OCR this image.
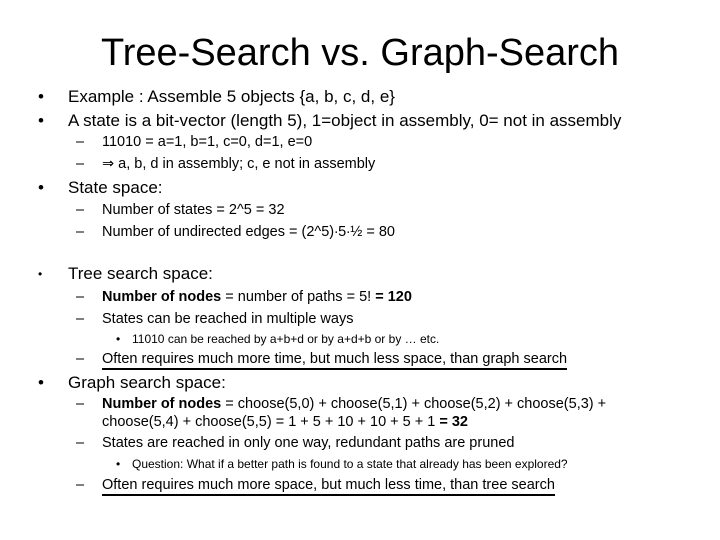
Tree-Search vs. Graph-Search
• Example : Assemble 5 objects {a, b, c, d, e}
• A state is a bit-vector (length 5), 1=object in assembly, 0= not in assembly
– 11010 = a=1, b=1, c=0, d=1, e=0
– ⇒ a, b, d in assembly; c, e not in assembly
• State space:
– Number of states = 2^5 = 32
– Number of undirected edges = (2^5)∙5∙½ = 80
• Tree search space:
– Number of nodes = number of paths = 5! = 120
– States can be reached in multiple ways
• 11010 can be reached by a+b+d or by a+d+b or by … etc.
– Often requires much more time, but much less space, than graph search
• Graph search space:
– Number of nodes = choose(5,0) + choose(5,1) + choose(5,2) + choose(5,3) +
choose(5,4) + choose(5,5) = 1 + 5 + 10 + 10 + 5 + 1 = 32
– States are reached in only one way, redundant paths are pruned
• Question: What if a better path is found to a state that already has been explored?
– Often requires much more space, but much less time, than tree search
